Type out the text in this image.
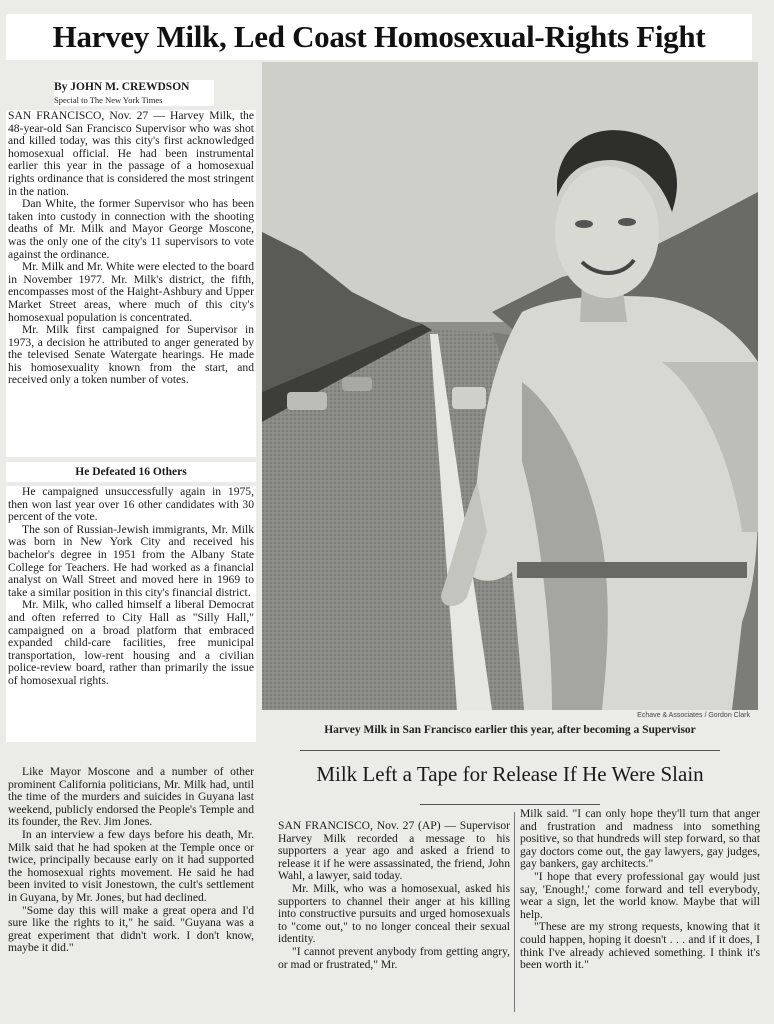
Harvey Milk, Led Coast Homosexual-Rights Fight
By JOHN M. CREWDSON
Special to The New York Times

SAN FRANCISCO, Nov. 27 — Harvey Milk, the 48-year-old San Francisco Supervisor who was shot and killed today, was this city's first acknowledged homosexual official. He had been instrumental earlier this year in the passage of a homosexual rights ordinance that is considered the most stringent in the nation.

Dan White, the former Supervisor who has been taken into custody in connection with the shooting deaths of Mr. Milk and Mayor George Moscone, was the only one of the city's 11 supervisors to vote against the ordinance.

Mr. Milk and Mr. White were elected to the board in November 1977. Mr. Milk's district, the fifth, encompasses most of the Haight-Ashbury and Upper Market Street areas, where much of this city's homosexual population is concentrated.

Mr. Milk first campaigned for Supervisor in 1973, a decision he attributed to anger generated by the televised Senate Watergate hearings. He made his homosexuality known from the start, and received only a token number of votes.

He Defeated 16 Others

He campaigned unsuccessfully again in 1975, then won last year over 16 other candidates with 30 percent of the vote.

The son of Russian-Jewish immigrants, Mr. Milk was born in New York City and received his bachelor's degree in 1951 from the Albany State College for Teachers. He had worked as a financial analyst on Wall Street and moved here in 1969 to take a similar position in this city's financial district.

Mr. Milk, who called himself a liberal Democrat and often referred to City Hall as "Silly Hall," campaigned on a broad platform that embraced expanded child-care facilities, free municipal transportation, low-rent housing and a civilian police-review board, rather than primarily the issue of homosexual rights.

Like Mayor Moscone and a number of other prominent California politicians, Mr. Milk had, until the time of the murders and suicides in Guyana last weekend, publicly endorsed the People's Temple and its founder, the Rev. Jim Jones.

In an interview a few days before his death, Mr. Milk said that he had spoken at the Temple once or twice, principally because early on it had supported the homosexual rights movement. He said he had been invited to visit Jonestown, the cult's settlement in Guyana, by Mr. Jones, but had declined.

"Some day this will make a great opera and I'd sure like the rights to it," he said. "Guyana was a great experiment that didn't work. I don't know, maybe it did."

Echave & Associates / Gordon Clark
Harvey Milk in San Francisco earlier this year, after becoming a Supervisor
Milk Left a Tape for Release If He Were Slain

SAN FRANCISCO, Nov. 27 (AP) — Supervisor Harvey Milk recorded a message to his supporters a year ago and asked a friend to release it if he were assassinated, the friend, John Wahl, a lawyer, said today.

Mr. Milk, who was a homosexual, asked his supporters to channel their anger at his killing into constructive pursuits and urged homosexuals to "come out," to no longer conceal their sexual identity.

"I cannot prevent anybody from getting angry, or mad or frustrated," Mr.

Milk said. "I can only hope they'll turn that anger and frustration and madness into something positive, so that hundreds will step forward, so that gay doctors come out, the gay lawyers, gay judges, gay bankers, gay architects."

"I hope that every professional gay would just say, 'Enough!,' come forward and tell everybody, wear a sign, let the world know. Maybe that will help.

"These are my strong requests, knowing that it could happen, hoping it doesn't . . . and if it does, I think I've already achieved something. I think it's been worth it."
